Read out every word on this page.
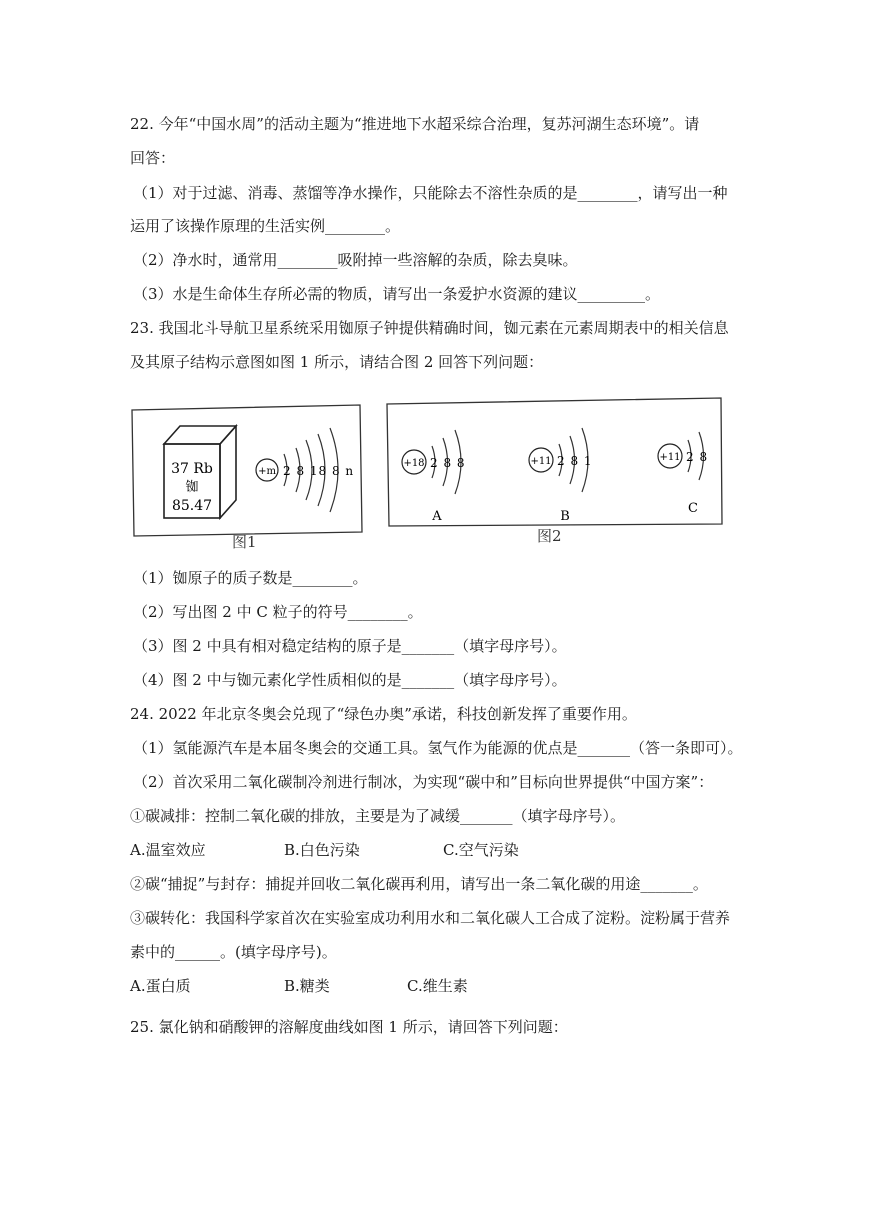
22. 今年“中国水周”的活动主题为“推进地下水超采综合治理，复苏河湖生态环境”。请
回答：
（1）对于过滤、消毒、蒸馏等净水操作，只能除去不溶性杂质的是________，请写出一种
运用了该操作原理的生活实例________。
（2）净水时，通常用________吸附掉一些溶解的杂质，除去臭味。
（3）水是生命体生存所必需的物质，请写出一条爱护水资源的建议_________。
23. 我国北斗导航卫星系统采用铷原子钟提供精确时间，铷元素在元素周期表中的相关信息
及其原子结构示意图如图 1 所示，请结合图 2 回答下列问题：
37 Rb
铷
85.47
+m 2 8 18 8 n
图1
+18 2 8 8
A
+11 2 8 1
B
+11 2 8
C
图2
（1）铷原子的质子数是________。
（2）写出图 2 中 C 粒子的符号________。
（3）图 2 中具有相对稳定结构的原子是_______（填字母序号）。
（4）图 2 中与铷元素化学性质相似的是_______（填字母序号）。
24. 2022 年北京冬奥会兑现了“绿色办奥”承诺，科技创新发挥了重要作用。
（1）氢能源汽车是本届冬奥会的交通工具。氢气作为能源的优点是_______（答一条即可）。
（2）首次采用二氧化碳制冷剂进行制冰，为实现“碳中和”目标向世界提供“中国方案”：
①碳减排：控制二氧化碳的排放，主要是为了减缓_______（填字母序号）。
A.温室效应	B.白色污染	C.空气污染
②碳“捕捉”与封存：捕捉并回收二氧化碳再利用，请写出一条二氧化碳的用途_______。
③碳转化：我国科学家首次在实验室成功利用水和二氧化碳人工合成了淀粉。淀粉属于营养
素中的______。(填字母序号)。
A.蛋白质	B.糖类	C.维生素
25. 氯化钠和硝酸钾的溶解度曲线如图 1 所示，请回答下列问题：
